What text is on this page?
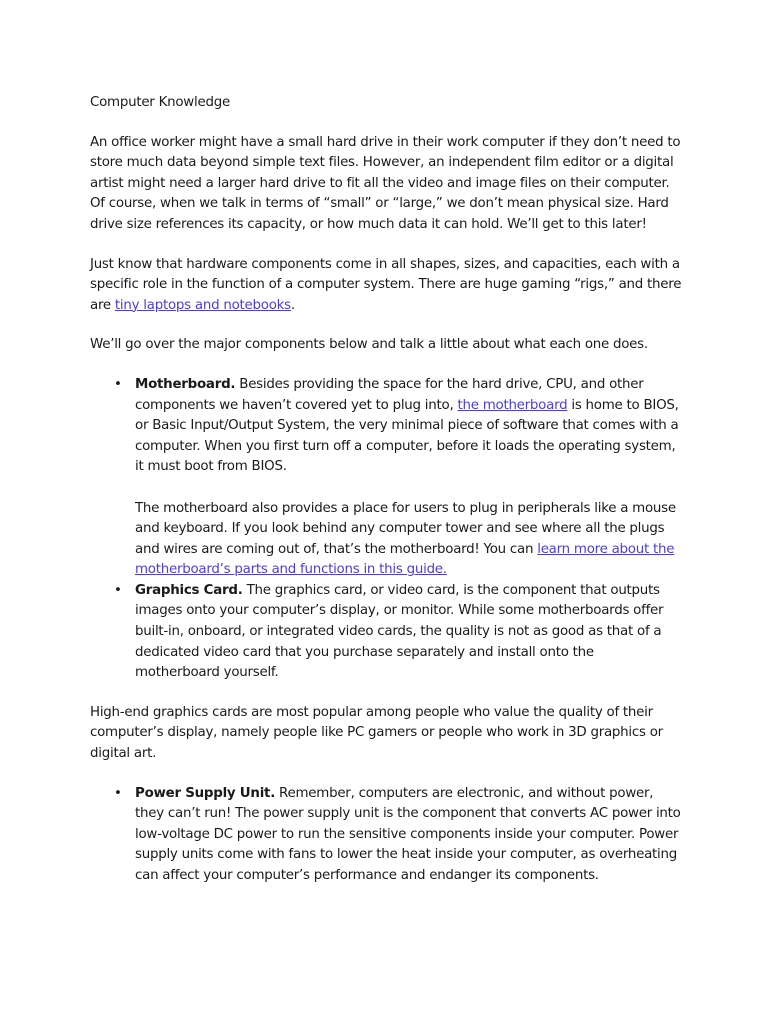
Computer Knowledge

An office worker might have a small hard drive in their work computer if they don’t need to store much data beyond simple text files. However, an independent film editor or a digital artist might need a larger hard drive to fit all the video and image files on their computer. Of course, when we talk in terms of “small” or “large,” we don’t mean physical size. Hard drive size references its capacity, or how much data it can hold. We’ll get to this later!

Just know that hardware components come in all shapes, sizes, and capacities, each with a specific role in the function of a computer system. There are huge gaming “rigs,” and there are tiny laptops and notebooks.

We’ll go over the major components below and talk a little about what each one does.

• Motherboard. Besides providing the space for the hard drive, CPU, and other components we haven’t covered yet to plug into, the motherboard is home to BIOS, or Basic Input/Output System, the very minimal piece of software that comes with a computer. When you first turn off a computer, before it loads the operating system, it must boot from BIOS.
The motherboard also provides a place for users to plug in peripherals like a mouse and keyboard. If you look behind any computer tower and see where all the plugs and wires are coming out of, that’s the motherboard! You can learn more about the motherboard’s parts and functions in this guide.
• Graphics Card. The graphics card, or video card, is the component that outputs images onto your computer’s display, or monitor. While some motherboards offer built-in, onboard, or integrated video cards, the quality is not as good as that of a dedicated video card that you purchase separately and install onto the motherboard yourself.

High-end graphics cards are most popular among people who value the quality of their computer’s display, namely people like PC gamers or people who work in 3D graphics or digital art.

• Power Supply Unit. Remember, computers are electronic, and without power, they can’t run! The power supply unit is the component that converts AC power into low-voltage DC power to run the sensitive components inside your computer. Power supply units come with fans to lower the heat inside your computer, as overheating can affect your computer’s performance and endanger its components.
